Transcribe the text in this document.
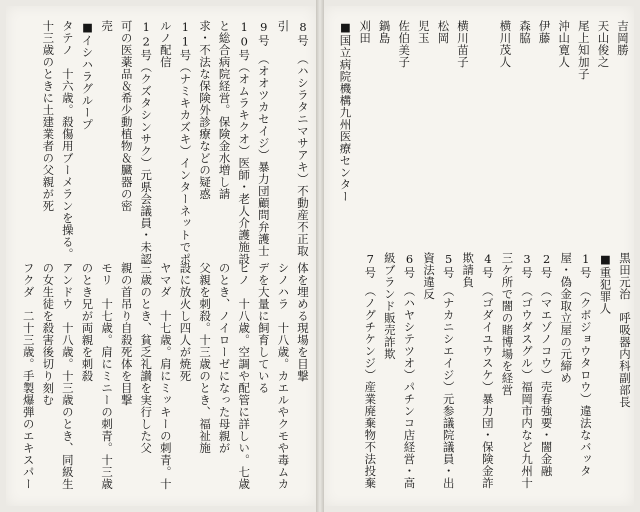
吉岡勝
天山俊之
尾上知加子
沖山寛人
伊藤
森脇
横川茂人
横川苗子
松岡
児玉
佐伯美子
鍋島
刈田
■国立病院機構九州医療センター
黒田元治　呼吸器内科副部長
■重犯罪人
1号　（クボジョウタロウ）違法なバッタ
屋・偽金取立屋の元締め
2号　（マエゾノコウ）売春強要・闇金融
3号　（ゴウダスグル）福岡市内など九州十
三ケ所で闇の賭博場を経営
4号　（ゴダイユウスケ）暴力団・保険金詐
欺請負
5号　（ナカニシエイジ）元参議院議員・出
資法違反
6号　（ハヤシテツオ）パチンコ店経営・高
級ブランド販売詐欺
7号　（ノグチケンジ）産業廃棄物不法投棄
8号　（ハシラタニマサアキ）不動産不正取
引
9号　（オオツカセイジ）暴力団顧問弁護士
10号（オムラキクオ）医師・老人介護施設
と総合病院経営。保険金水増し請
求・不法な保険外診療などの疑惑
11号（ナミキカズキ）インターネットでポ
ルノ配信
12号（クズタシンサク）元県会議員・未認
可の医薬品＆希少動植物＆臓器の密
売
■イシハラグループ
タテノ　十六歳。殺傷用ブーメランを操る。
十三歳のときに土建業者の父親が死
体を埋める現場を目撃
シノハラ　十八歳。カエルやクモや毒ムカ
デを大量に飼育している
ヒノ　十八歳。空調や配管に詳しい。七歳
のとき、ノイローゼになった母親が
父親を刺殺。十三歳のとき、福祉施
設に放火し四人が焼死
ヤマダ　十七歳。肩にミッキーの刺青。十
三歳のとき、貧乏礼讃を実行した父
親の首吊り自殺死体を目撃
モリ　十七歳。肩にミニーの刺青。十三歳
のとき兄が両親を刺殺
アンドウ　十八歳。十三歳のとき、同級生
の女生徒を殺害後切り刻む
フクダ　二十三歳。手製爆弾のエキスパー
